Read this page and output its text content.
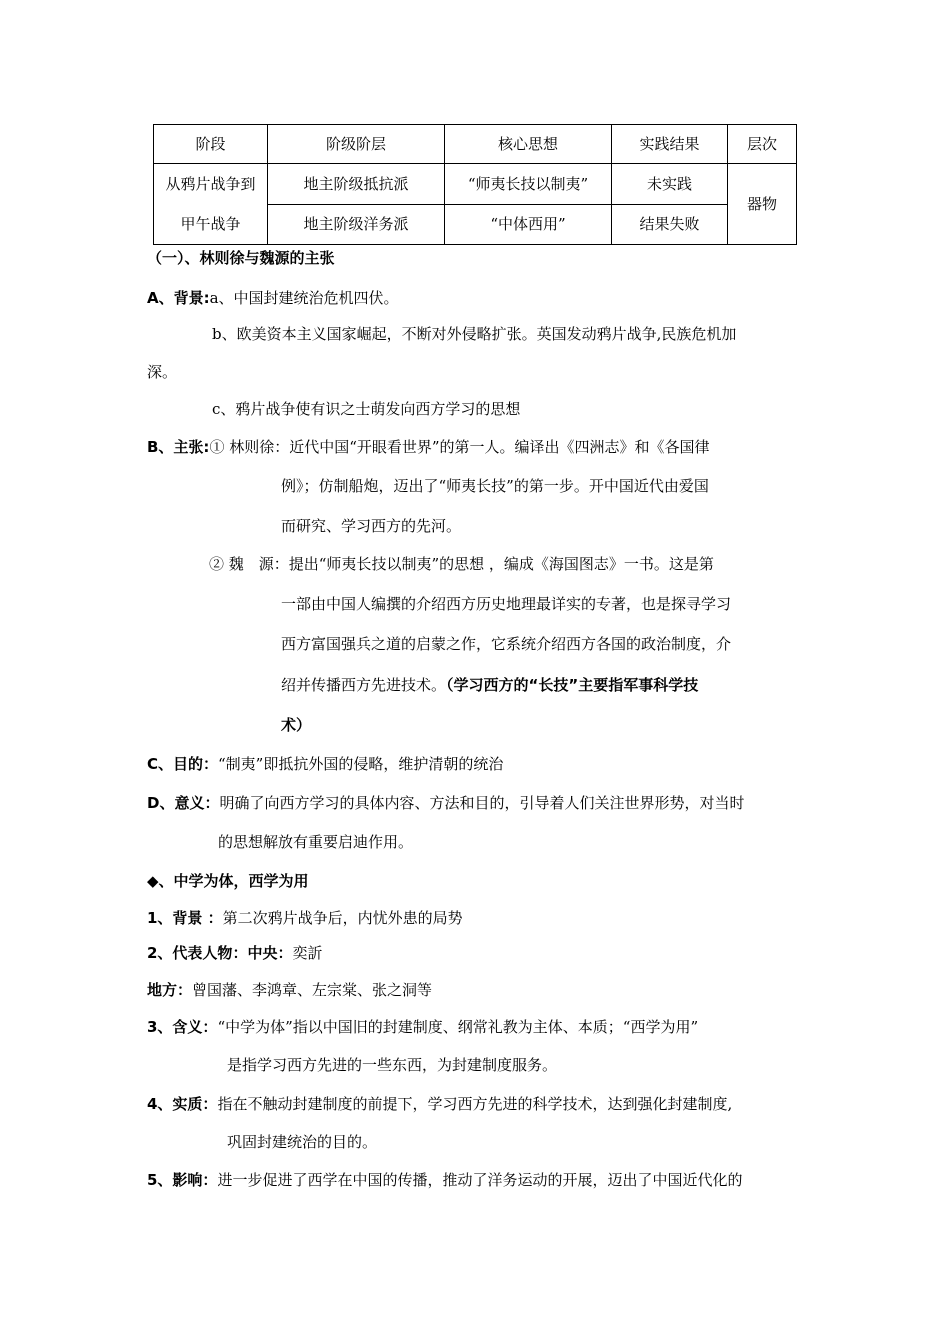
阶段	阶级阶层	核心思想	实践结果	层次

从鸦片战争到
甲午战争	地主阶级抵抗派	“师夷长技以制夷”	未实践	器物
	地主阶级洋务派	“中体西用”	结果失败	
（一）、林则徐与魏源的主张
A、背景:a、中国封建统治危机四伏。
b、欧美资本主义国家崛起，不断对外侵略扩张。英国发动鸦片战争,民族危机加
深。
c、鸦片战争使有识之士萌发向西方学习的思想
B、主张:① 林则徐：近代中国“开眼看世界”的第一人。编译出《四洲志》和《各国律
例》；仿制船炮，迈出了“师夷长技”的第一步。开中国近代由爱国
而研究、学习西方的先河。
② 魏　源：提出“师夷长技以制夷”的思想 ，编成《海国图志》一书。这是第
一部由中国人编撰的介绍西方历史地理最详实的专著，也是探寻学习
西方富国强兵之道的启蒙之作，它系统介绍西方各国的政治制度，介
绍并传播西方先进技术。（学习西方的“长技”主要指军事科学技
术）
C、目的：“制夷”即抵抗外国的侵略，维护清朝的统治
D、意义：明确了向西方学习的具体内容、方法和目的，引导着人们关注世界形势，对当时
的思想解放有重要启迪作用。
◆、中学为体，西学为用
1、背景 ：第二次鸦片战争后，内忧外患的局势
2、代表人物：中央：奕訢
地方：曾国藩、李鸿章、左宗棠、张之洞等
3、含义：“中学为体”指以中国旧的封建制度、纲常礼教为主体、本质；“西学为用”
是指学习西方先进的一些东西，为封建制度服务。
4、实质：指在不触动封建制度的前提下，学习西方先进的科学技术，达到强化封建制度,
巩固封建统治的目的。
5、影响：进一步促进了西学在中国的传播，推动了洋务运动的开展，迈出了中国近代化的
